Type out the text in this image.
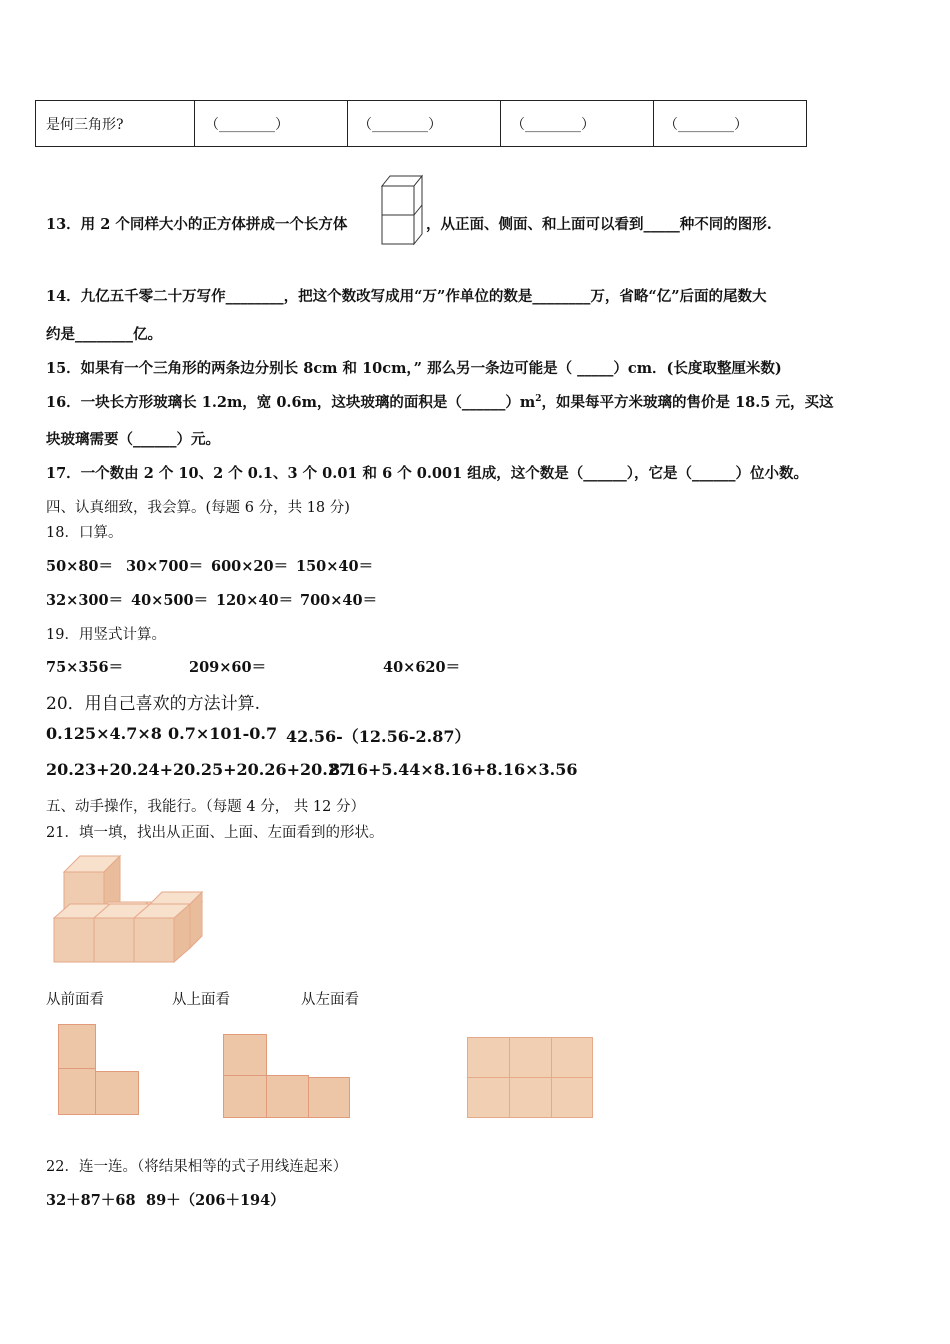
是何三角形?	（________）	（________）	（________）	（________）
13．用 2 个同样大小的正方体拼成一个长方体	，从正面、侧面、和上面可以看到_____种不同的图形.
14．九亿五千零二十万写作________，把这个数改写成用“万”作单位的数是________万，省略“亿”后面的尾数大
约是________亿。
15．如果有一个三角形的两条边分别长 8cm 和 10cm，” 那么另一条边可能是（ _____）cm．(长度取整厘米数)
16．一块长方形玻璃长 1.2m，宽 0.6m，这块玻璃的面积是$(\_\_\_\_\_\_)m^2$，如果每平方米玻璃的售价是 18.5 元，买这
块玻璃需要（______）元。
17．一个数由 2 个 10、2 个 0.1、3 个 0.01 和 6 个 0.001 组成，这个数是（______），它是（______）位小数。
四、认真细致，我会算。(每题 6 分，共 18 分)
18．口算。
50×80＝ 30×700＝ 600×20＝ 150×40＝
32×300＝ 40×500＝ 120×40＝ 700×40＝
19．用竖式计算。
75×356＝	209×60＝	40×620＝
20．用自己喜欢的方法计算.
0.125×4.7×8 0.7×101-0.7 42.56-（12.56-2.87）
20.23+20.24+20.25+20.26+20.27
8.16+5.44×8.16+8.16×3.56
五、动手操作，我能行。（每题 4 分， 共 12 分）
21．填一填，找出从正面、上面、左面看到的形状。
从前面看	从上面看	从左面看
22．连一连。（将结果相等的式子用线连起来）
32＋87＋68 89＋（206＋194）
